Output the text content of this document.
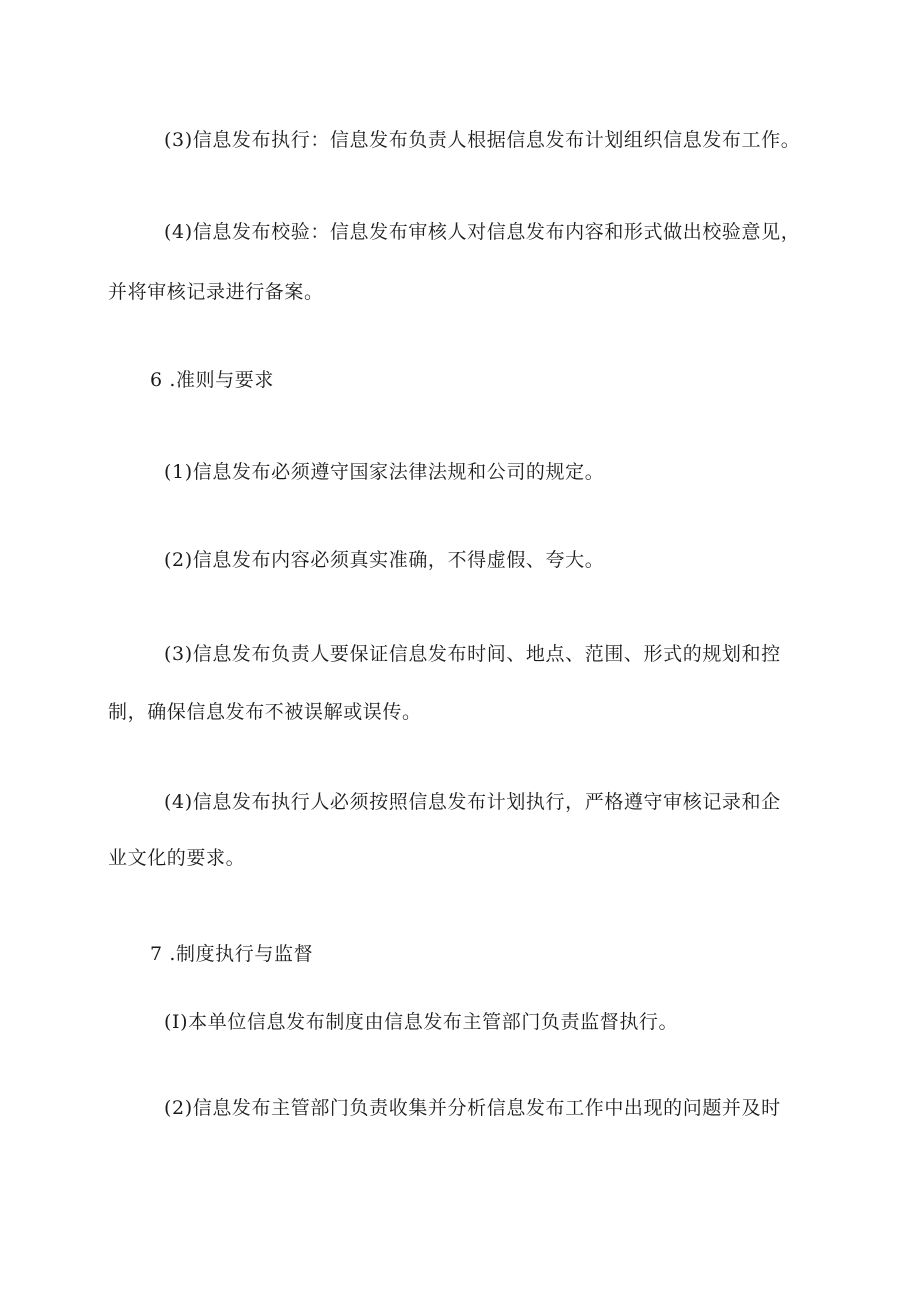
(3)信息发布执行：信息发布负责人根据信息发布计划组织信息发布工作。
(4)信息发布校验：信息发布审核人对信息发布内容和形式做出校验意见，
并将审核记录进行备案。
6 .准则与要求
(1)信息发布必须遵守国家法律法规和公司的规定。
(2)信息发布内容必须真实准确，不得虚假、夸大。
(3)信息发布负责人要保证信息发布时间、地点、范围、形式的规划和控
制，确保信息发布不被误解或误传。
(4)信息发布执行人必须按照信息发布计划执行，严格遵守审核记录和企
业文化的要求。
7 .制度执行与监督
(I)本单位信息发布制度由信息发布主管部门负责监督执行。
(2)信息发布主管部门负责收集并分析信息发布工作中出现的问题并及时
